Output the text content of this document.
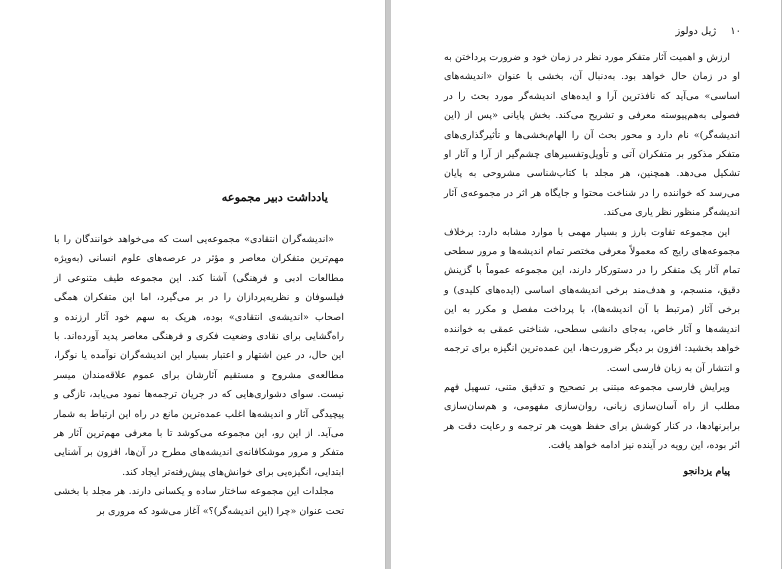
یادداشت دبیر مجموعه

«اندیشه‌گران انتقادی» مجموعه‌یی است که می‌خواهد خوانندگان را با مهم‌ترین متفکران معاصر و مؤثر در عرصه‌های علوم انسانی (به‌ویژه مطالعات ادبی و فرهنگی) آشنا کند. این مجموعه طیف متنوعی از فیلسوفان و نظریه‌پردازان را در بر می‌گیرد، اما این متفکران همگی اصحاب «اندیشه‌ی انتقادی» بوده، هریک به سهم خود آثار ارزنده و راه‌گشایی برای نقادی وضعیت فکری و فرهنگی معاصر پدید آورده‌اند. با این حال، در عین اشتهار و اعتبار بسیار این اندیشه‌گران نوآمده یا نوگرا، مطالعه‌ی مشروح و مستقیم آثارشان برای عموم علاقه‌مندان میسر نیست. سوای دشواری‌هایی که در جریان ترجمه‌ها نمود می‌یابد، تازگی و پیچیدگی آثار و اندیشه‌ها اغلب عمده‌ترین مانع در راه این ارتباط به شمار می‌آید. از این رو، این مجموعه می‌کوشد تا با معرفی مهم‌ترین آثار هر متفکر و مرور موشکافانه‌ی اندیشه‌های مطرح در آن‌ها، افزون بر آشنایی ابتدایی، انگیزه‌یی برای خوانش‌های پیش‌رفته‌تر ایجاد کند.

مجلدات این مجموعه ساختار ساده و یکسانی دارند. هر مجلد با بخشی تحت عنوان «چرا (این اندیشه‌گر)؟» آغاز می‌شود که مروری بر

۱۰ژیل دولوز

ارزش و اهمیت آثار متفکر مورد نظر در زمان خود و ضرورت پرداختن به او در زمان حال خواهد بود. به‌دنبال آن، بخشی با عنوان «اندیشه‌های اساسی» می‌آید که نافذترین آرا و ایده‌های اندیشه‌گر مورد بحث را در فصولی به‌هم‌پیوسته معرفی و تشریح می‌کند. بخش پایانی «پس از (این اندیشه‌گر)» نام دارد و محور بحث آن را الهام‌بخشی‌ها و تأثیرگذاری‌های متفکر مذکور بر متفکران آتی و تأویل‌وتفسیرهای چشم‌گیر از آرا و آثار او تشکیل می‌دهد. همچنین، هر مجلد با کتاب‌شناسی مشروحی به پایان می‌رسد که خواننده را در شناخت محتوا و جایگاه هر اثر در مجموعه‌ی آثار اندیشه‌گر منظور نظر یاری می‌کند.

این مجموعه تفاوت بارز و بسیار مهمی با موارد مشابه دارد: برخلاف مجموعه‌های رایج که معمولاً معرفی مختصر تمام اندیشه‌ها و مرور سطحی تمام آثار یک متفکر را در دستورکار دارند، این مجموعه عموماً با گزینش دقیق، منسجم، و هدف‌مند برخی اندیشه‌های اساسی (ایده‌های کلیدی) و برخی آثار (مرتبط با آن اندیشه‌ها)، با پرداخت مفصل و مکرر به این اندیشه‌ها و آثار خاص، به‌جای دانشی سطحی، شناختی عمقی به خواننده خواهد بخشید: افزون بر دیگر ضرورت‌ها، این عمده‌ترین انگیزه برای ترجمه و انتشار آن به زبان فارسی است.

ویرایش فارسی مجموعه مبتنی بر تصحیح و تدقیق متنی، تسهیل فهم مطلب از راه آسان‌سازی زبانی، روان‌سازی مفهومی، و هم‌سان‌سازی برابرنهادها، در کنار کوشش برای حفظ هویت هر ترجمه و رعایت دقت هر اثر بوده، این رویه در آینده نیز ادامه خواهد یافت.

پیام یزدانجو
